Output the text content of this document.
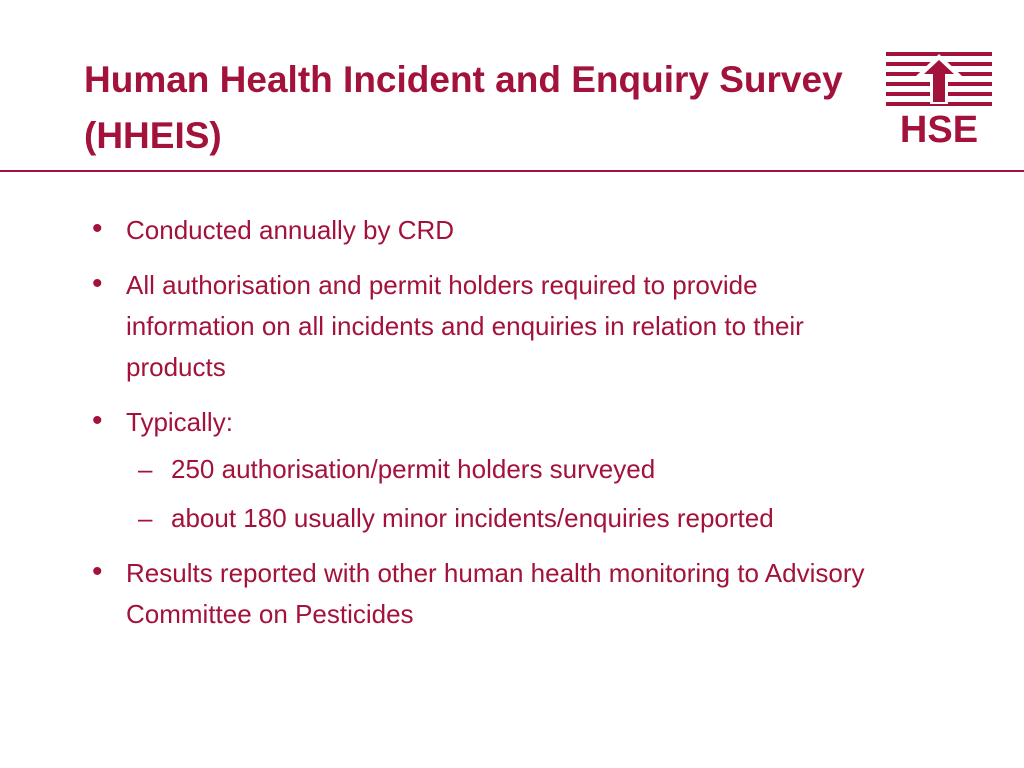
Human Health Incident and Enquiry Survey (HHEIS)	HSE
• Conducted annually by CRD
• All authorisation and permit holders required to provide information on all incidents and enquiries in relation to their products
• Typically:
– 250 authorisation/permit holders surveyed
– about 180 usually minor incidents/enquiries reported
• Results reported with other human health monitoring to Advisory Committee on Pesticides
